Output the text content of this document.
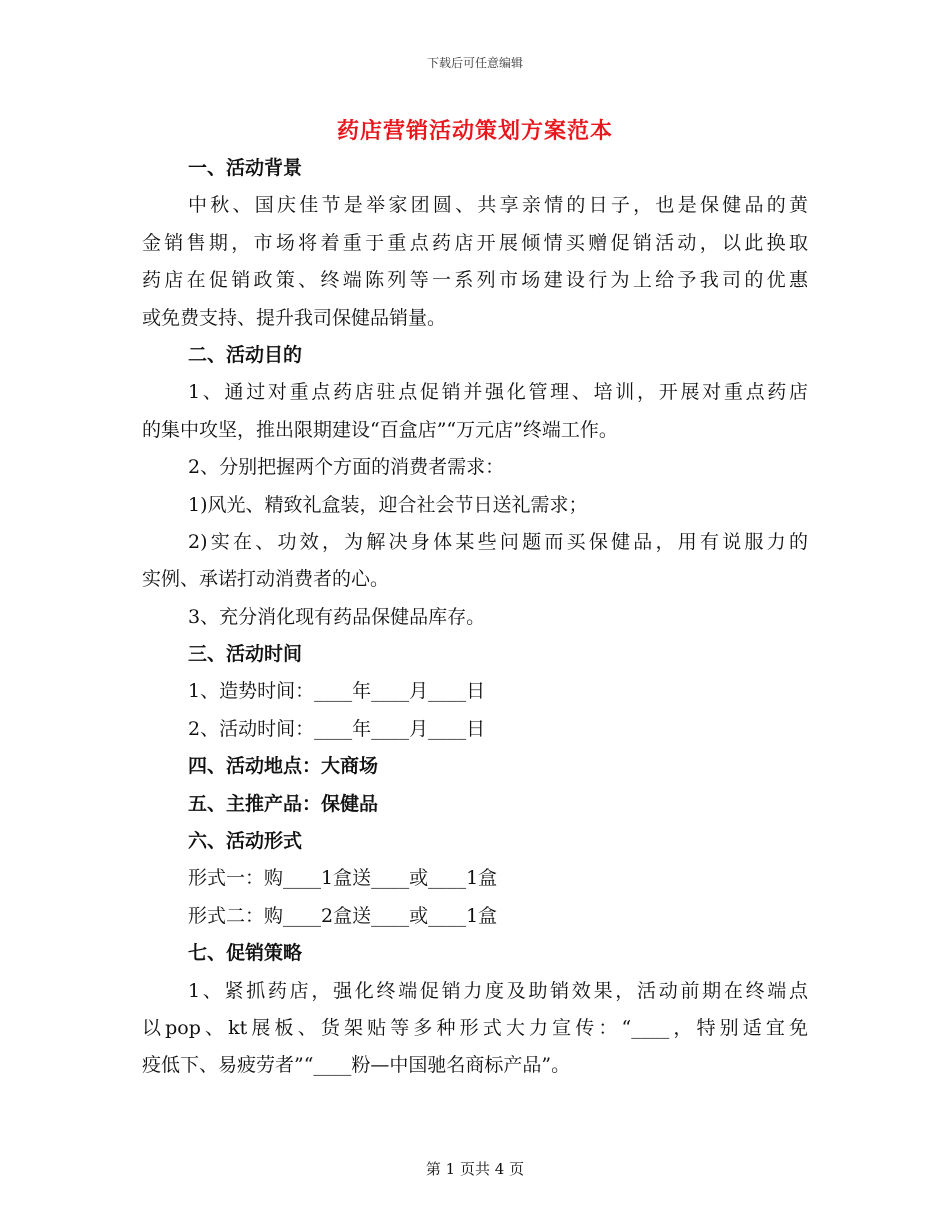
下载后可任意编辑
药店营销活动策划方案范本
一、活动背景
中秋、国庆佳节是举家团圆、共享亲情的日子，也是保健品的黄
金销售期，市场将着重于重点药店开展倾情买赠促销活动，以此换取
药店在促销政策、终端陈列等一系列市场建设行为上给予我司的优惠
或免费支持、提升我司保健品销量。
二、活动目的
1、通过对重点药店驻点促销并强化管理、培训，开展对重点药店
的集中攻坚，推出限期建设“百盒店”“万元店”终端工作。
2、分别把握两个方面的消费者需求：
1)风光、精致礼盒装，迎合社会节日送礼需求；
2)实在、功效，为解决身体某些问题而买保健品，用有说服力的
实例、承诺打动消费者的心。
3、充分消化现有药品保健品库存。
三、活动时间
1、造势时间：____年____月____日
2、活动时间：____年____月____日
四、活动地点：大商场
五、主推产品：保健品
六、活动形式
形式一：购____1盒送____或____1盒
形式二：购____2盒送____或____1盒
七、促销策略
1、紧抓药店，强化终端促销力度及助销效果，活动前期在终端点
以pop、kt展板、货架贴等多种形式大力宣传：“____，特别适宜免
疫低下、易疲劳者”“____粉—中国驰名商标产品”。
第 1 页共 4 页
